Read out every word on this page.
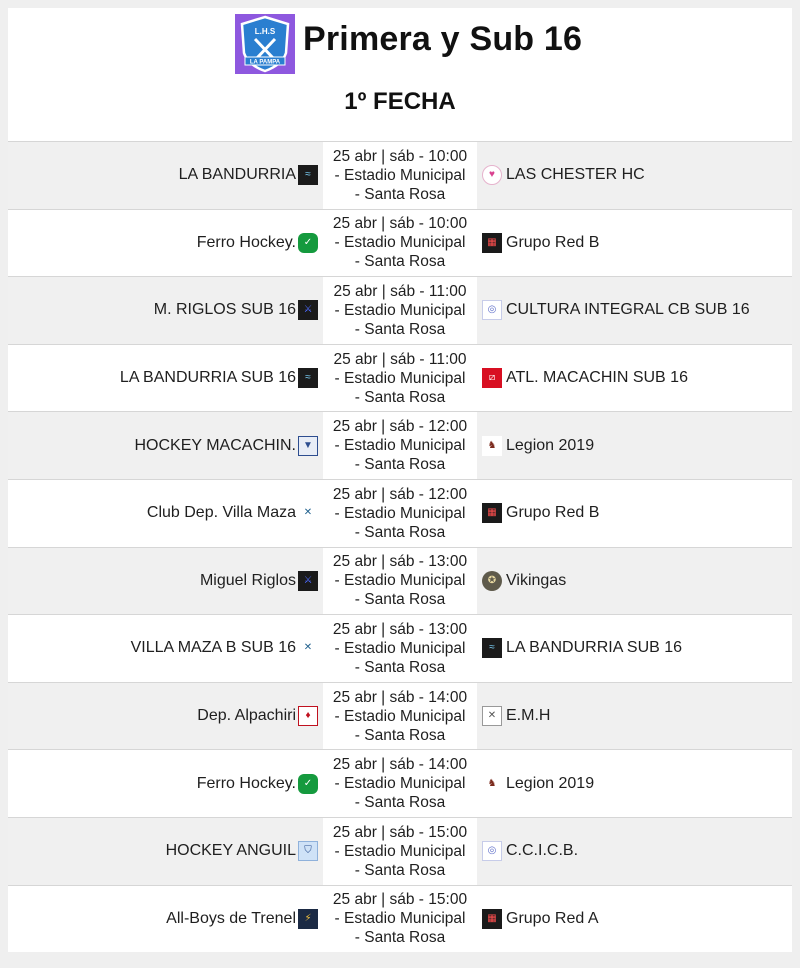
L.H.S
LA PAMPA
Primera y Sub 16
1º FECHA
LA BANDURRIA ≈
25 abr | sáb - 10:00
- Estadio Municipal
- Santa Rosa
♥ LAS CHESTER HC
Ferro Hockey. ✓
25 abr | sáb - 10:00
- Estadio Municipal
- Santa Rosa
▦ Grupo Red B
M. RIGLOS SUB 16 ⚔
25 abr | sáb - 11:00
- Estadio Municipal
- Santa Rosa
◎ CULTURA INTEGRAL CB SUB 16
LA BANDURRIA SUB 16 ≈
25 abr | sáb - 11:00
- Estadio Municipal
- Santa Rosa
⧄ ATL. MACACHIN SUB 16
HOCKEY MACACHIN. ▼
25 abr | sáb - 12:00
- Estadio Municipal
- Santa Rosa
♞ Legion 2019
Club Dep. Villa Maza ✕
25 abr | sáb - 12:00
- Estadio Municipal
- Santa Rosa
▦ Grupo Red B
Miguel Riglos ⚔
25 abr | sáb - 13:00
- Estadio Municipal
- Santa Rosa
✪ Vikingas
VILLA MAZA B SUB 16 ✕
25 abr | sáb - 13:00
- Estadio Municipal
- Santa Rosa
≈ LA BANDURRIA SUB 16
Dep. Alpachiri ♦
25 abr | sáb - 14:00
- Estadio Municipal
- Santa Rosa
✕ E.M.H
Ferro Hockey. ✓
25 abr | sáb - 14:00
- Estadio Municipal
- Santa Rosa
♞ Legion 2019
HOCKEY ANGUIL ⛉
25 abr | sáb - 15:00
- Estadio Municipal
- Santa Rosa
◎ C.C.I.C.B.
All-Boys de Trenel ⚡
25 abr | sáb - 15:00
- Estadio Municipal
- Santa Rosa
▦ Grupo Red A
